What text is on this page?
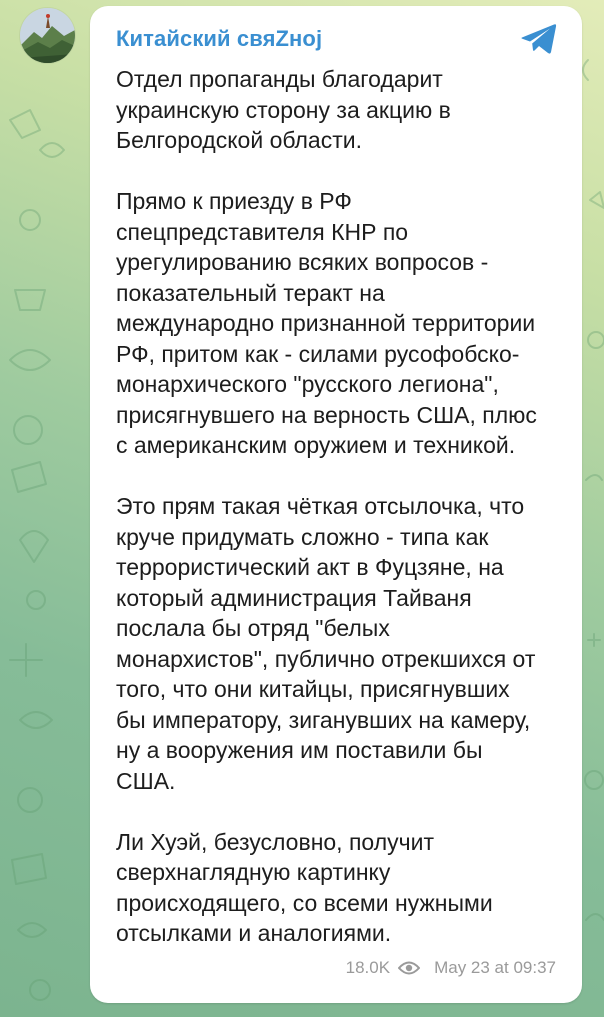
Китайский свяZнoj

Отдел пропаганды благодарит
украинскую сторону за акцию в
Белгородской области.

Прямо к приезду в РФ
спецпредставителя КНР по
урегулированию всяких вопросов -
показательный теракт на
международно признанной территории
РФ, притом как - силами русофобско-
монархического "русского легиона",
присягнувшего на верность США, плюс
с американским оружием и техникой.

Это прям такая чёткая отсылочка, что
круче придумать сложно - типа как
террористический акт в Фуцзяне, на
который администрация Тайваня
послала бы отряд "белых
монархистов", публично отрекшихся от
того, что они китайцы, присягнувших
бы императору, зиганувших на камеру,
ну а вооружения им поставили бы
США.

Ли Хуэй, безусловно, получит
сверхнаглядную картинку
происходящего, со всеми нужными
отсылками и аналогиями.

18.0K	May 23 at 09:37
